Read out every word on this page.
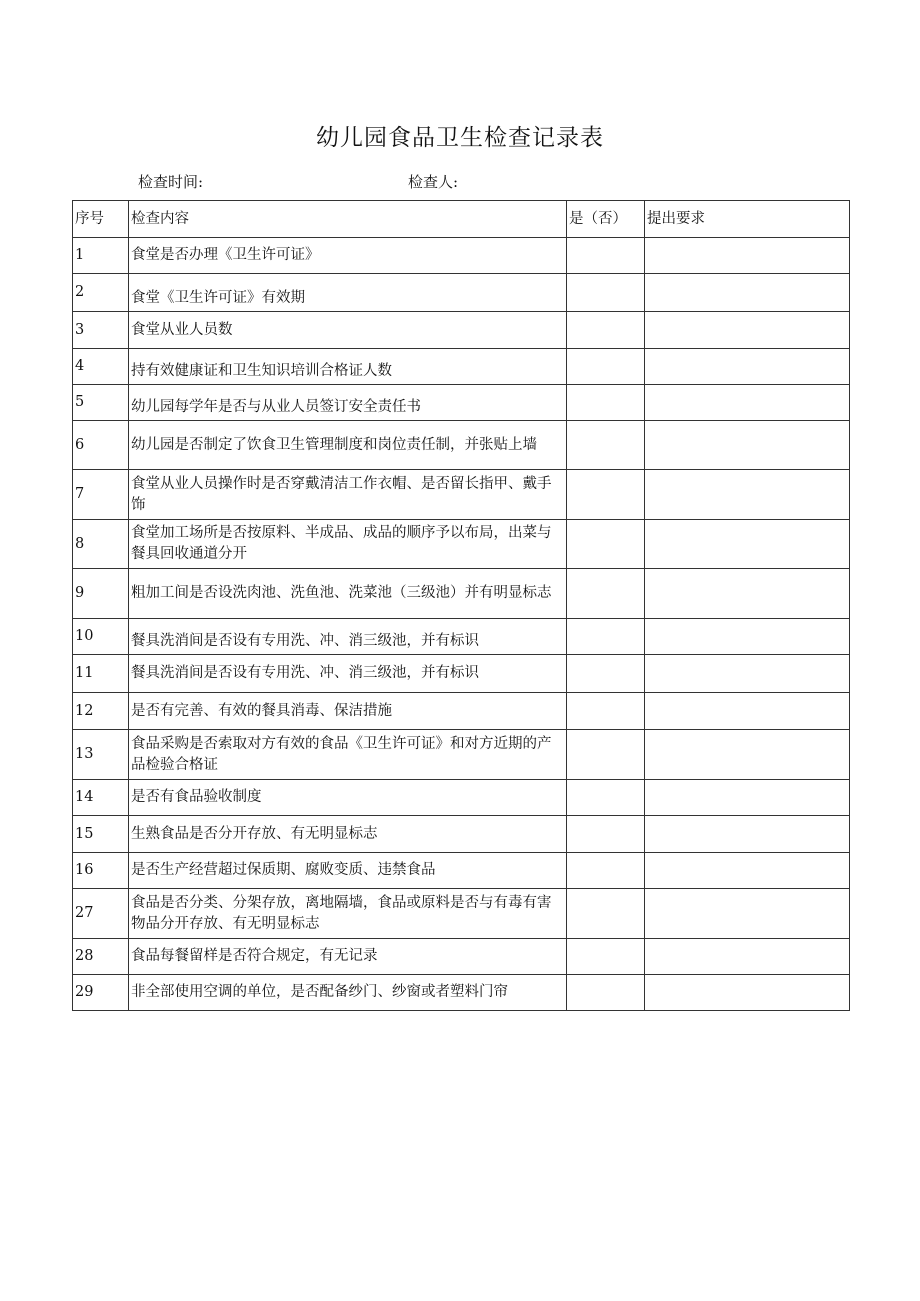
幼儿园食品卫生检查记录表
检查时间:	检查人:
序号	检查内容	是（否）	提出要求
1	食堂是否办理《卫生许可证》		
2	食堂《卫生许可证》有效期		
3	食堂从业人员数		
4	持有效健康证和卫生知识培训合格证人数		
5	幼儿园每学年是否与从业人员签订安全责任书		
6	幼儿园是否制定了饮食卫生管理制度和岗位责任制，并张贴上墙		
7	食堂从业人员操作时是否穿戴清洁工作衣帽、是否留长指甲、戴手饰		
8	食堂加工场所是否按原料、半成品、成品的顺序予以布局，出菜与餐具回收通道分开		
9	粗加工间是否设洗肉池、洗鱼池、洗菜池（三级池）并有明显标志		
10	餐具洗消间是否设有专用洗、冲、消三级池，并有标识		
11	餐具洗消间是否设有专用洗、冲、消三级池，并有标识		
12	是否有完善、有效的餐具消毒、保洁措施		
13	食品采购是否索取对方有效的食品《卫生许可证》和对方近期的产品检验合格证		
14	是否有食品验收制度		
15	生熟食品是否分开存放、有无明显标志		
16	是否生产经营超过保质期、腐败变质、违禁食品		
27	食品是否分类、分架存放，离地隔墙，食品或原料是否与有毒有害物品分开存放、有无明显标志		
28	食品每餐留样是否符合规定，有无记录		
29	非全部使用空调的单位，是否配备纱门、纱窗或者塑料门帘		
